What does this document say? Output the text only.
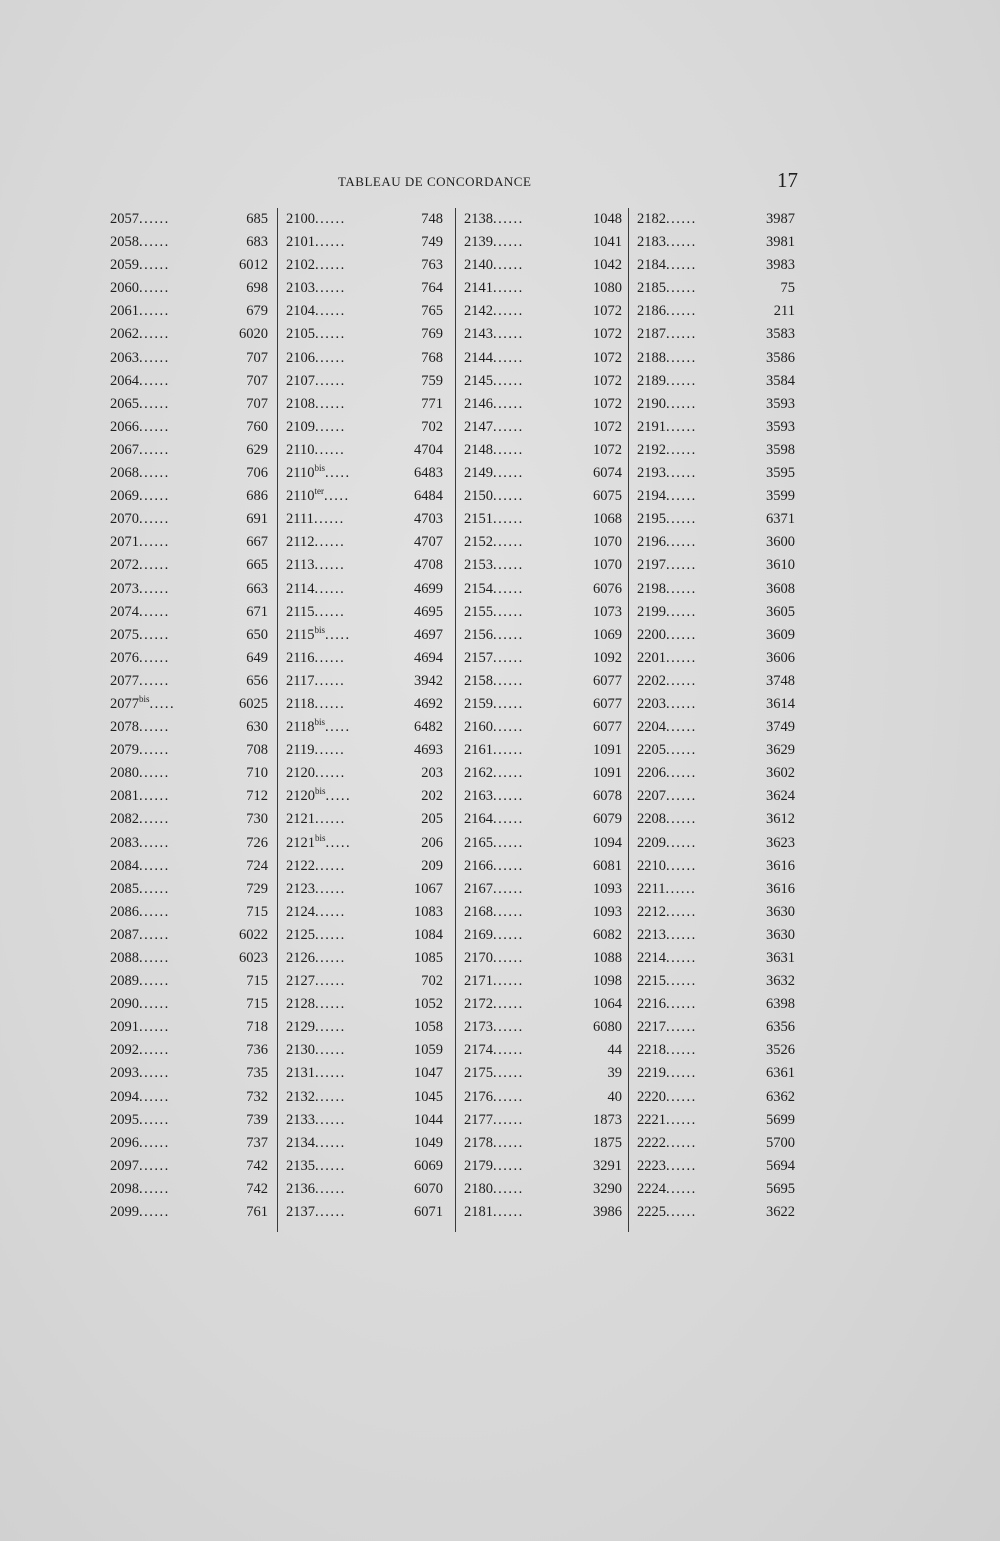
TABLEAU DE CONCORDANCE	17
2057......	685
2058......	683
2059......	6012
2060......	698
2061......	679
2062......	6020
2063......	707
2064......	707
2065......	707
2066......	760
2067......	629
2068......	706
2069......	686
2070......	691
2071......	667
2072......	665
2073......	663
2074......	671
2075......	650
2076......	649
2077......	656
$2077^{bis}$.....	6025
2078......	630
2079......	708
2080......	710
2081......	712
2082......	730
2083......	726
2084......	724
2085......	729
2086......	715
2087......	6022
2088......	6023
2089......	715
2090......	715
2091......	718
2092......	736
2093......	735
2094......	732
2095......	739
2096......	737
2097......	742
2098......	742
2099......	761
2100......	748
2101......	749
2102......	763
2103......	764
2104......	765
2105......	769
2106......	768
2107......	759
2108......	771
2109......	702
2110......	4704
$2110^{bis}$.....	6483
$2110^{ter}$.....	6484
2111......	4703
2112......	4707
2113......	4708
2114......	4699
2115......	4695
$2115^{bis}$.....	4697
2116......	4694
2117......	3942
2118......	4692
$2118^{bis}$.....	6482
2119......	4693
2120......	203
$2120^{bis}$.....	202
2121......	205
$2121^{bis}$.....	206
2122......	209
2123......	1067
2124......	1083
2125......	1084
2126......	1085
2127......	702
2128......	1052
2129......	1058
2130......	1059
2131......	1047
2132......	1045
2133......	1044
2134......	1049
2135......	6069
2136......	6070
2137......	6071
2138......	1048
2139......	1041
2140......	1042
2141......	1080
2142......	1072
2143......	1072
2144......	1072
2145......	1072
2146......	1072
2147......	1072
2148......	1072
2149......	6074
2150......	6075
2151......	1068
2152......	1070
2153......	1070
2154......	6076
2155......	1073
2156......	1069
2157......	1092
2158......	6077
2159......	6077
2160......	6077
2161......	1091
2162......	1091
2163......	6078
2164......	6079
2165......	1094
2166......	6081
2167......	1093
2168......	1093
2169......	6082
2170......	1088
2171......	1098
2172......	1064
2173......	6080
2174......	44
2175......	39
2176......	40
2177......	1873
2178......	1875
2179......	3291
2180......	3290
2181......	3986
2182......	3987
2183......	3981
2184......	3983
2185......	75
2186......	211
2187......	3583
2188......	3586
2189......	3584
2190......	3593
2191......	3593
2192......	3598
2193......	3595
2194......	3599
2195......	6371
2196......	3600
2197......	3610
2198......	3608
2199......	3605
2200......	3609
2201......	3606
2202......	3748
2203......	3614
2204......	3749
2205......	3629
2206......	3602
2207......	3624
2208......	3612
2209......	3623
2210......	3616
2211......	3616
2212......	3630
2213......	3630
2214......	3631
2215......	3632
2216......	6398
2217......	6356
2218......	3526
2219......	6361
2220......	6362
2221......	5699
2222......	5700
2223......	5694
2224......	5695
2225......	3622
